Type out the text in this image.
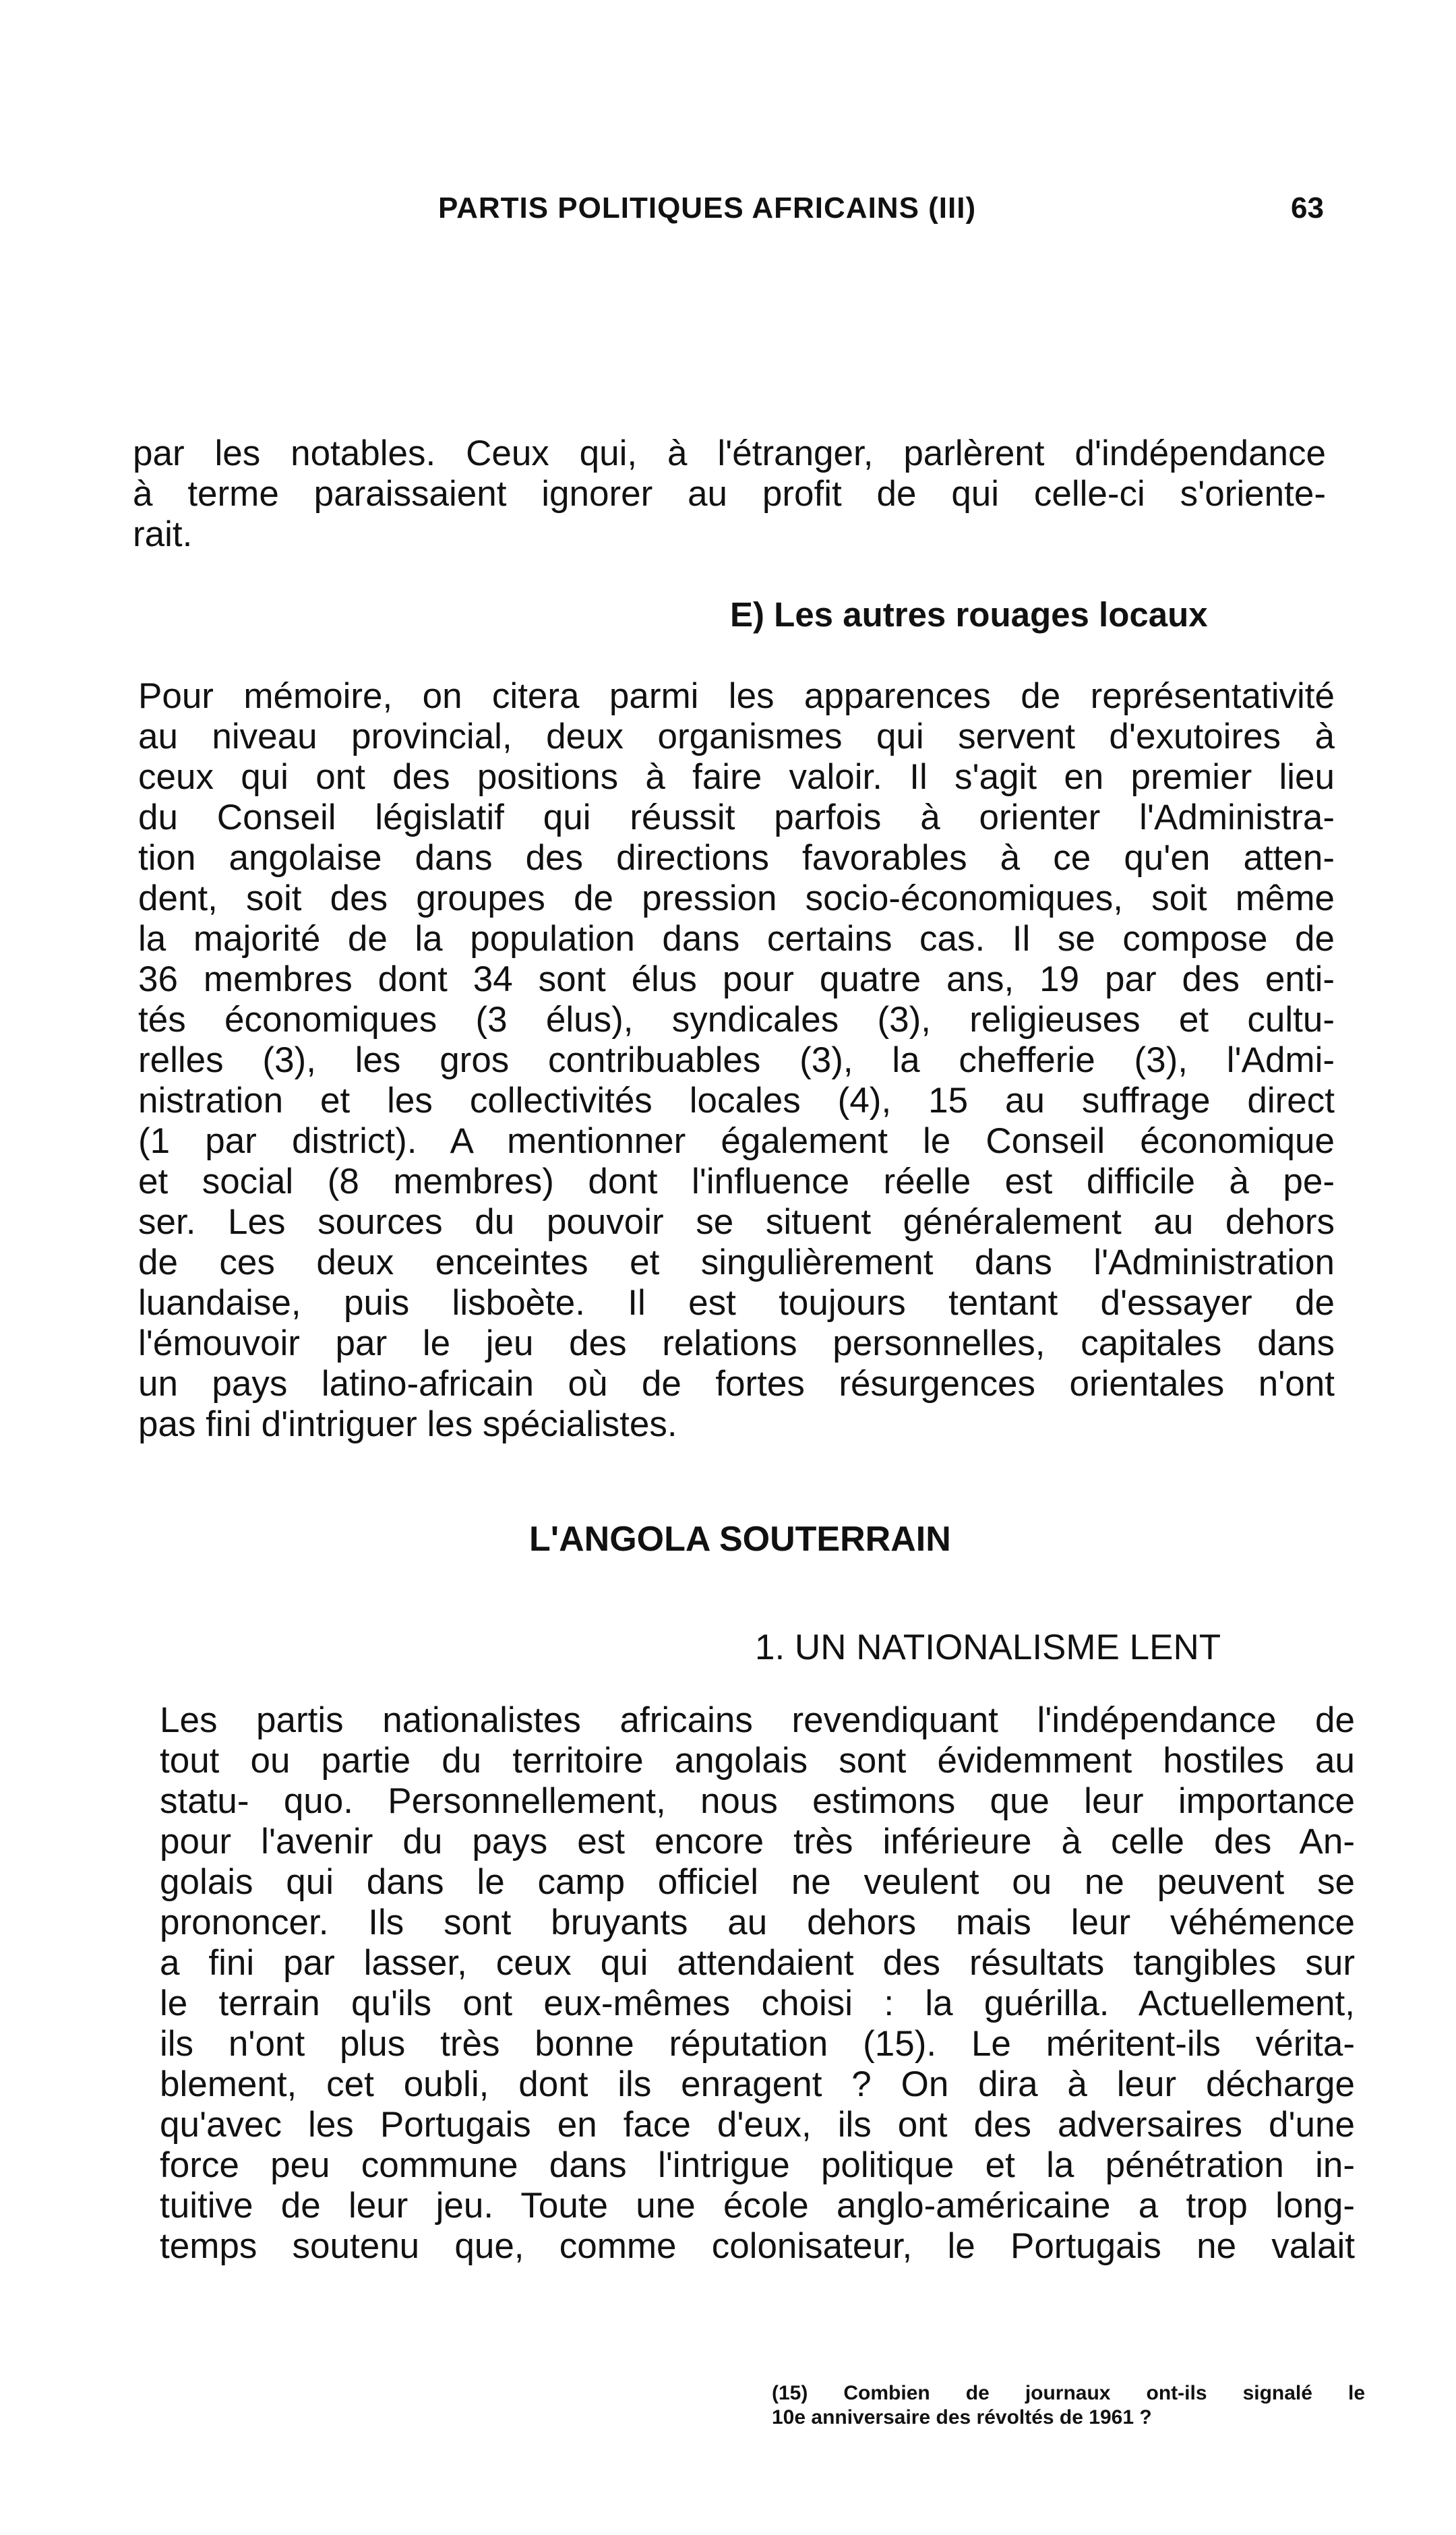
PARTIS POLITIQUES AFRICAINS (III)	63
par les notables. Ceux qui, à l'étranger, parlèrent d'indépendance
à terme paraissaient ignorer au profit de qui celle-ci s'oriente-
rait.
E) Les autres rouages locaux
Pour mémoire, on citera parmi les apparences de représentativité
au niveau provincial, deux organismes qui servent d'exutoires à
ceux qui ont des positions à faire valoir. Il s'agit en premier lieu
du Conseil législatif qui réussit parfois à orienter l'Administra-
tion angolaise dans des directions favorables à ce qu'en atten-
dent, soit des groupes de pression socio-économiques, soit même
la majorité de la population dans certains cas. Il se compose de
36 membres dont 34 sont élus pour quatre ans, 19 par des enti-
tés économiques (3 élus), syndicales (3), religieuses et cultu-
relles (3), les gros contribuables (3), la chefferie (3), l'Admi-
nistration et les collectivités locales (4), 15 au suffrage direct
(1 par district). A mentionner également le Conseil économique
et social (8 membres) dont l'influence réelle est difficile à pe-
ser. Les sources du pouvoir se situent généralement au dehors
de ces deux enceintes et singulièrement dans l'Administration
luandaise, puis lisboète. Il est toujours tentant d'essayer de
l'émouvoir par le jeu des relations personnelles, capitales dans
un pays latino-africain où de fortes résurgences orientales n'ont
pas fini d'intriguer les spécialistes.
L'ANGOLA SOUTERRAIN
1. UN NATIONALISME LENT
Les partis nationalistes africains revendiquant l'indépendance de
tout ou partie du territoire angolais sont évidemment hostiles au
statu- quo. Personnellement, nous estimons que leur importance
pour l'avenir du pays est encore très inférieure à celle des An-
golais qui dans le camp officiel ne veulent ou ne peuvent se
prononcer. Ils sont bruyants au dehors mais leur véhémence
a fini par lasser, ceux qui attendaient des résultats tangibles sur
le terrain qu'ils ont eux-mêmes choisi : la guérilla. Actuellement,
ils n'ont plus très bonne réputation (15). Le méritent-ils vérita-
blement, cet oubli, dont ils enragent ? On dira à leur décharge
qu'avec les Portugais en face d'eux, ils ont des adversaires d'une
force peu commune dans l'intrigue politique et la pénétration in-
tuitive de leur jeu. Toute une école anglo-américaine a trop long-
temps soutenu que, comme colonisateur, le Portugais ne valait
(15) Combien de journaux ont-ils signalé le
10e anniversaire des révoltés de 1961 ?
